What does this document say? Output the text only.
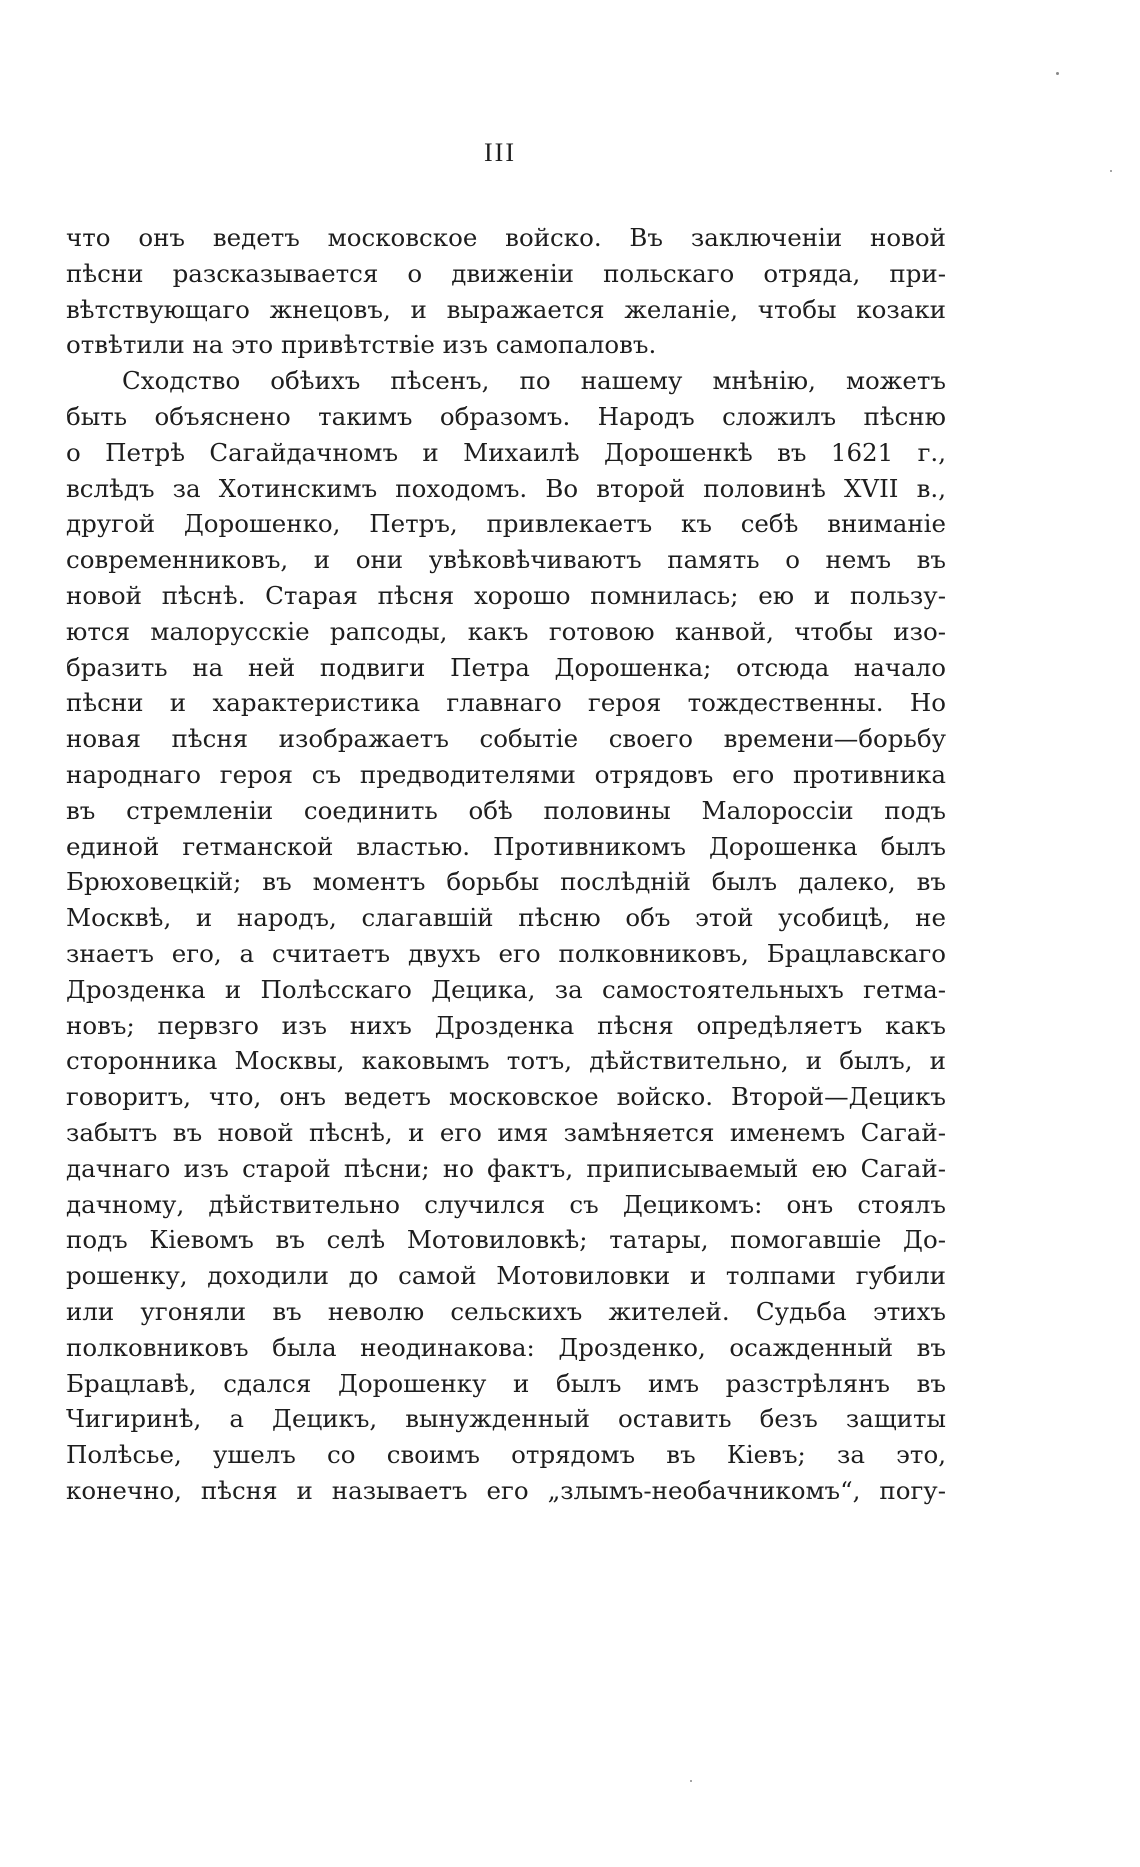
III
что онъ ведетъ московское войско. Въ заключеніи новой
пѣсни разсказывается о движеніи польскаго отряда, при-
вѣтствующаго жнецовъ, и выражается желаніе, чтобы козаки
отвѣтили на это привѣтствіе изъ самопаловъ.
Сходство обѣихъ пѣсенъ, по нашему мнѣнію, можетъ
быть объяснено такимъ образомъ. Народъ сложилъ пѣсню
о Петрѣ Сагайдачномъ и Михаилѣ Дорошенкѣ въ 1621 г.,
вслѣдъ за Хотинскимъ походомъ. Во второй половинѣ XVII в.,
другой Дорошенко, Петръ, привлекаетъ къ себѣ вниманіе
современниковъ, и они увѣковѣчиваютъ память о немъ въ
новой пѣснѣ. Старая пѣсня хорошо помнилась; ею и пользу-
ются малорусскіе рапсоды, какъ готовою канвой, чтобы изо-
бразить на ней подвиги Петра Дорошенка; отсюда начало
пѣсни и характеристика главнаго героя тождественны. Но
новая пѣсня изображаетъ событіе своего времени—борьбу
народнаго героя съ предводителями отрядовъ его противника
въ стремленіи соединить обѣ половины Малороссіи подъ
единой гетманской властью. Противникомъ Дорошенка былъ
Брюховецкій; въ моментъ борьбы послѣдній былъ далеко, въ
Москвѣ, и народъ, слагавшій пѣсню объ этой усобицѣ, не
знаетъ его, а считаетъ двухъ его полковниковъ, Брацлавскаго
Дрозденка и Полѣсскаго Децика, за самостоятельныхъ гетма-
новъ; первзго изъ нихъ Дрозденка пѣсня опредѣляетъ какъ
сторонника Москвы, каковымъ тотъ, дѣйствительно, и былъ, и
говоритъ, что, онъ ведетъ московское войско. Второй—Децикъ
забытъ въ новой пѣснѣ, и его имя замѣняется именемъ Сагай-
дачнаго изъ старой пѣсни; но фактъ, приписываемый ею Сагай-
дачному, дѣйствительно случился съ Децикомъ: онъ стоялъ
подъ Кіевомъ въ селѣ Мотовиловкѣ; татары, помогавшіе До-
рошенку, доходили до самой Мотовиловки и толпами губили
или угоняли въ неволю сельскихъ жителей. Судьба этихъ
полковниковъ была неодинакова: Дрозденко, осажденный въ
Брацлавѣ, сдался Дорошенку и былъ имъ разстрѣлянъ въ
Чигиринѣ, а Децикъ, вынужденный оставить безъ защиты
Полѣсье, ушелъ со своимъ отрядомъ въ Кіевъ; за это,
конечно, пѣсня и называетъ его „злымъ-необачникомъ“, погу-
